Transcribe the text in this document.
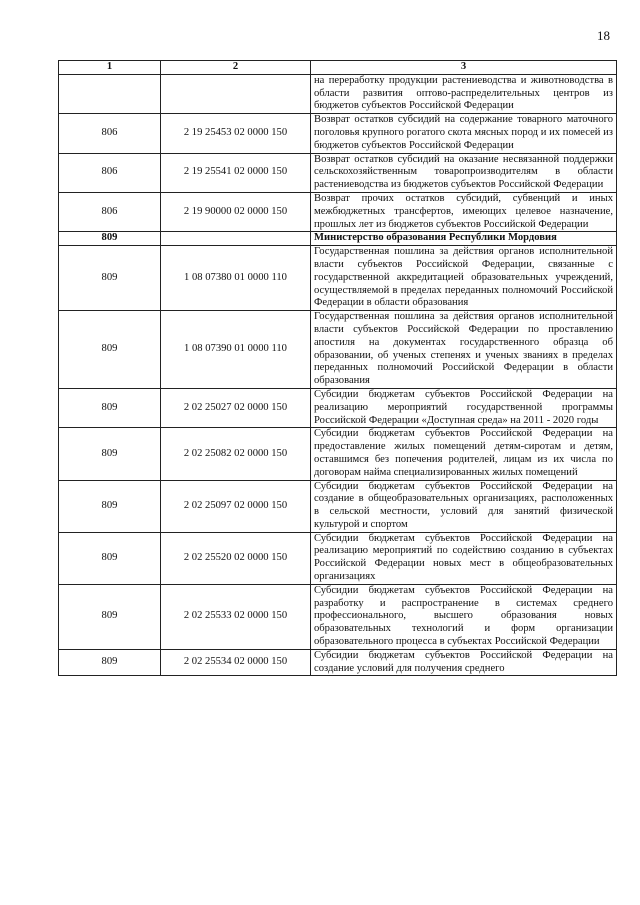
18
1	2	3
		на переработку продукции растениеводства и животноводства в области развития оптово-распределительных центров из бюджетов субъектов Российской Федерации
806	2 19 25453 02 0000 150	Возврат остатков субсидий на содержание товарного маточного поголовья крупного рогатого скота мясных пород и их помесей из бюджетов субъектов Российской Федерации
806	2 19 25541 02 0000 150	Возврат остатков субсидий на оказание несвязанной поддержки сельскохозяйственным товаропроизводителям в области растениеводства из бюджетов субъектов Российской Федерации
806	2 19 90000 02 0000 150	Возврат прочих остатков субсидий, субвенций и иных межбюджетных трансфертов, имеющих целевое назначение, прошлых лет из бюджетов субъектов Российской Федерации
809		Министерство образования Республики Мордовия
809	1 08 07380 01 0000 110	Государственная пошлина за действия органов исполнительной власти субъектов Российской Федерации, связанные с государственной аккредитацией образовательных учреждений, осуществляемой в пределах переданных полномочий Российской Федерации в области образования
809	1 08 07390 01 0000 110	Государственная пошлина за действия органов исполнительной власти субъектов Российской Федерации по проставлению апостиля на документах государственного образца об образовании, об ученых степенях и ученых званиях в пределах переданных полномочий Российской Федерации в области образования
809	2 02 25027 02 0000 150	Субсидии бюджетам субъектов Российской Федерации на реализацию мероприятий государственной программы Российской Федерации «Доступная среда» на 2011 - 2020 годы
809	2 02 25082 02 0000 150	Субсидии бюджетам субъектов Российской Федерации на предоставление жилых помещений детям-сиротам и детям, оставшимся без попечения родителей, лицам из их числа по договорам найма специализированных жилых помещений
809	2 02 25097 02 0000 150	Субсидии бюджетам субъектов Российской Федерации на создание в общеобразовательных организациях, расположенных в сельской местности, условий для занятий физической культурой и спортом
809	2 02 25520 02 0000 150	Субсидии бюджетам субъектов Российской Федерации на реализацию мероприятий по содействию созданию в субъектах Российской Федерации новых мест в общеобразовательных организациях
809	2 02 25533 02 0000 150	Субсидии бюджетам субъектов Российской Федерации на разработку и распространение в системах среднего профессионального, высшего образования новых образовательных технологий и форм организации образовательного процесса в субъектах Российской Федерации
809	2 02 25534 02 0000 150	Субсидии бюджетам субъектов Российской Федерации на создание условий для получения среднего
